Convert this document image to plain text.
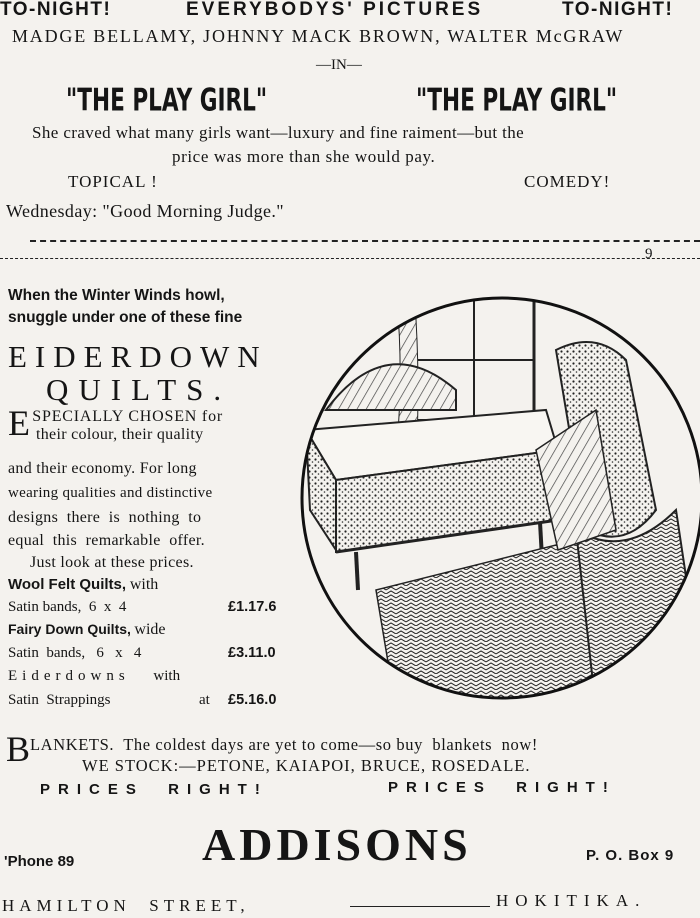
TO-NIGHT!	EVERYBODYS' PICTURES	TO-NIGHT!
MADGE BELLAMY, JOHNNY MACK BROWN, WALTER McGRAW
—IN—
"THE PLAY GIRL"	"THE PLAY GIRL"
She craved what many girls want—luxury and fine raiment—but the
price was more than she would pay.
TOPICAL !	COMEDY!
Wednesday: "Good Morning Judge."
9
When the Winter Winds howl,
snuggle under one of these fine
EIDERDOWN
QUILTS.
E SPECIALLY CHOSEN for
their colour, their quality
and their economy. For long
wearing qualities and distinctive
designs  there  is  nothing  to
equal  this  remarkable  offer.
Just look at these prices.
Wool Felt Quilts, with
Satin bands,  6  x  4	£1.17.6
Fairy Down Quilts, wide
Satin  bands,   6   x   4	£3.11.0
Eiderdowns with
Satin  Strappings	at £5.16.0
B LANKETS.  The coldest days are yet to come—so buy  blankets  now!
WE STOCK:—PETONE, KAIAPOI, BRUCE, ROSEDALE.
PRICES  RIGHT!	PRICES  RIGHT!
'Phone 89	ADDISONS	P. O. Box 9
HAMILTON  STREET,	HOKITIKA.
